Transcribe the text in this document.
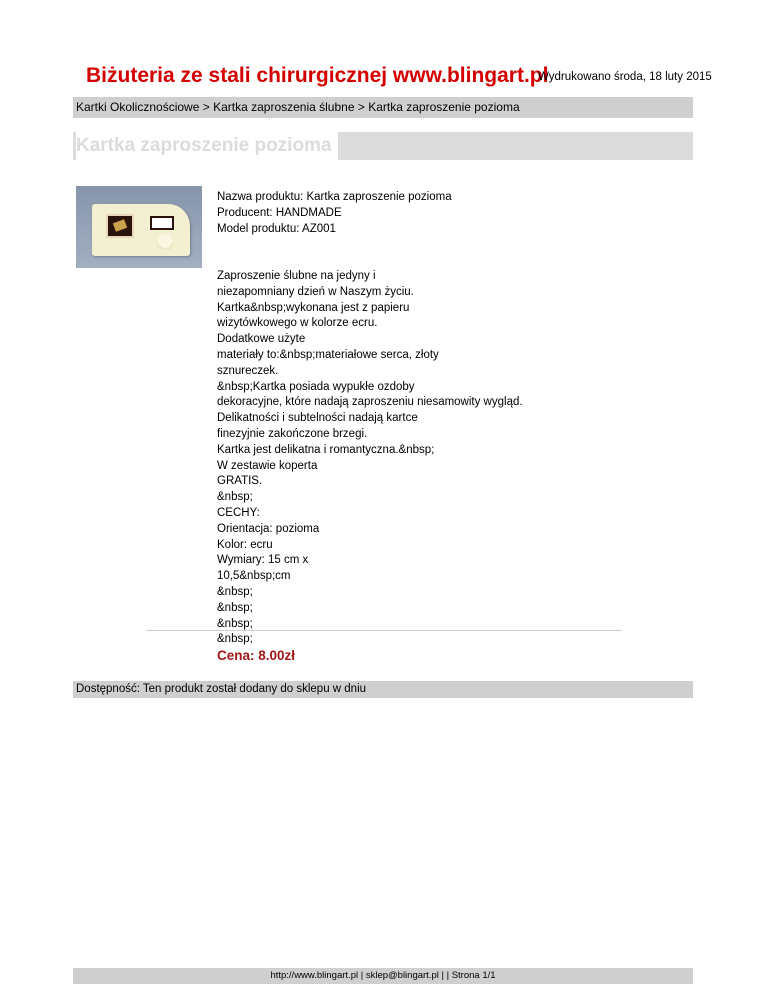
Biżuteria ze stali chirurgicznej www.blingart.pl
Wydrukowano środa, 18 luty 2015
Kartki Okolicznościowe > Kartka zaproszenia ślubne > Kartka zaproszenie pozioma
Kartka zaproszenie pozioma

Nazwa produktu: Kartka zaproszenie pozioma

Producent: HANDMADE

Model produktu: AZ001

Zaproszenie ślubne na jedyny i

niezapomniany dzień w Naszym życiu.

Kartka&nbsp;wykonana jest z papieru

wizytówkowego w kolorze ecru.

Dodatkowe użyte

materiały to:&nbsp;materiałowe serca, złoty

sznureczek.

&nbsp;Kartka posiada wypukłe ozdoby

dekoracyjne, które nadają zaproszeniu niesamowity wygląd.

Delikatności i subtelności nadają kartce

finezyjnie zakończone brzegi.

Kartka jest delikatna i romantyczna.&nbsp;

W zestawie koperta

GRATIS.

&nbsp;

CECHY:

Orientacja: pozioma

Kolor: ecru

Wymiary: 15 cm x

10,5&nbsp;cm

&nbsp;

&nbsp;

&nbsp;

&nbsp;

Cena: 8.00zł

Dostępność: Ten produkt został dodany do sklepu w dniu
http://www.blingart.pl | sklep@blingart.pl | | Strona 1/1
